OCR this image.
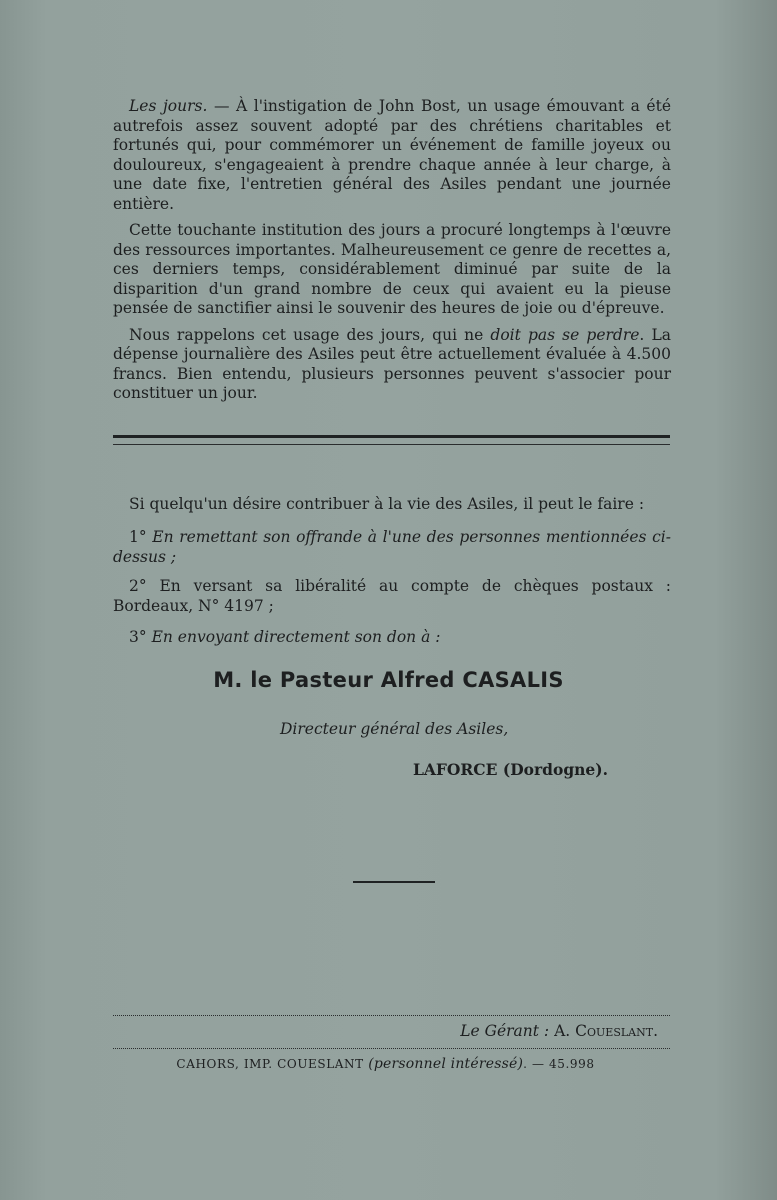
Les jours. — À l'instigation de John Bost, un usage émouvant a été autrefois assez souvent adopté par des chrétiens charitables et fortunés qui, pour commémorer un événement de famille joyeux ou douloureux, s'engageaient à prendre chaque année à leur charge, à une date fixe, l'entretien général des Asiles pendant une journée entière.

Cette touchante institution des jours a procuré longtemps à l'œuvre des ressources importantes. Malheureusement ce genre de recettes a, ces derniers temps, considérablement diminué par suite de la disparition d'un grand nombre de ceux qui avaient eu la pieuse pensée de sanctifier ainsi le souvenir des heures de joie ou d'épreuve.

Nous rappelons cet usage des jours, qui ne doit pas se perdre. La dépense journalière des Asiles peut être actuellement évaluée à 4.500 francs. Bien entendu, plusieurs personnes peuvent s'associer pour constituer un jour.

Si quelqu'un désire contribuer à la vie des Asiles, il peut le faire :
1° En remettant son offrande à l'une des personnes mentionnées ci-dessus ;
2° En versant sa libéralité au compte de chèques postaux : Bordeaux, N° 4197 ;
3° En envoyant directement son don à :
M. le Pasteur Alfred CASALIS
Directeur général des Asiles,
LAFORCE (Dordogne).
Le Gérant : A. Coueslant.
CAHORS, IMP. COUESLANT (personnel intéressé). — 45.998
